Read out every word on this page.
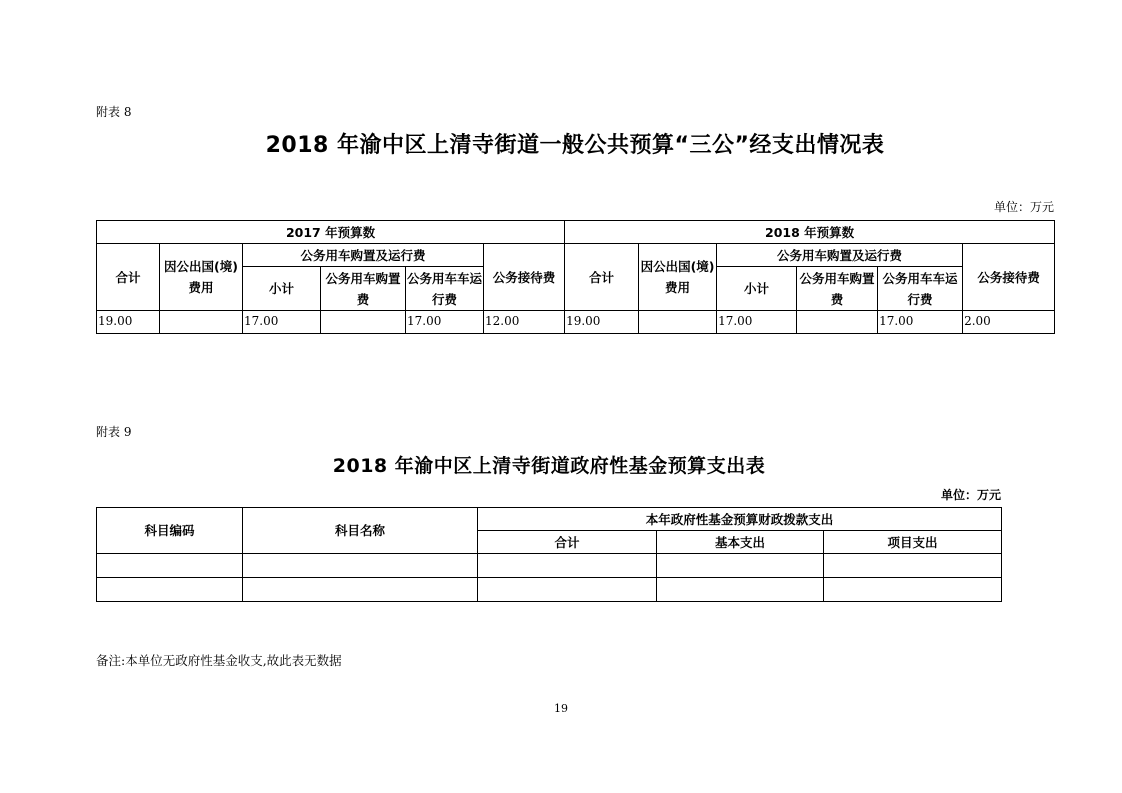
附表 8
2018 年渝中区上清寺街道一般公共预算“三公”经支出情况表
单位：万元
2017 年预算数						2018 年预算数					
合计	因公出国(境)费用	公务用车购置及运行费			公务接待费	合计	因公出国(境)费用	公务用车购置及运行费			公务接待费
		小计	公务用车购置费	公务用车车运行费				小计	公务用车购置费	公务用车车运行费	
19.00		17.00		17.00	12.00	19.00		17.00		17.00	2.00
附表 9
2018 年渝中区上清寺街道政府性基金预算支出表
单位：万元
科目编码	科目名称	本年政府性基金预算财政拨款支出		
		合计	基本支出	项目支出

备注:本单位无政府性基金收支,故此表无数据
19
